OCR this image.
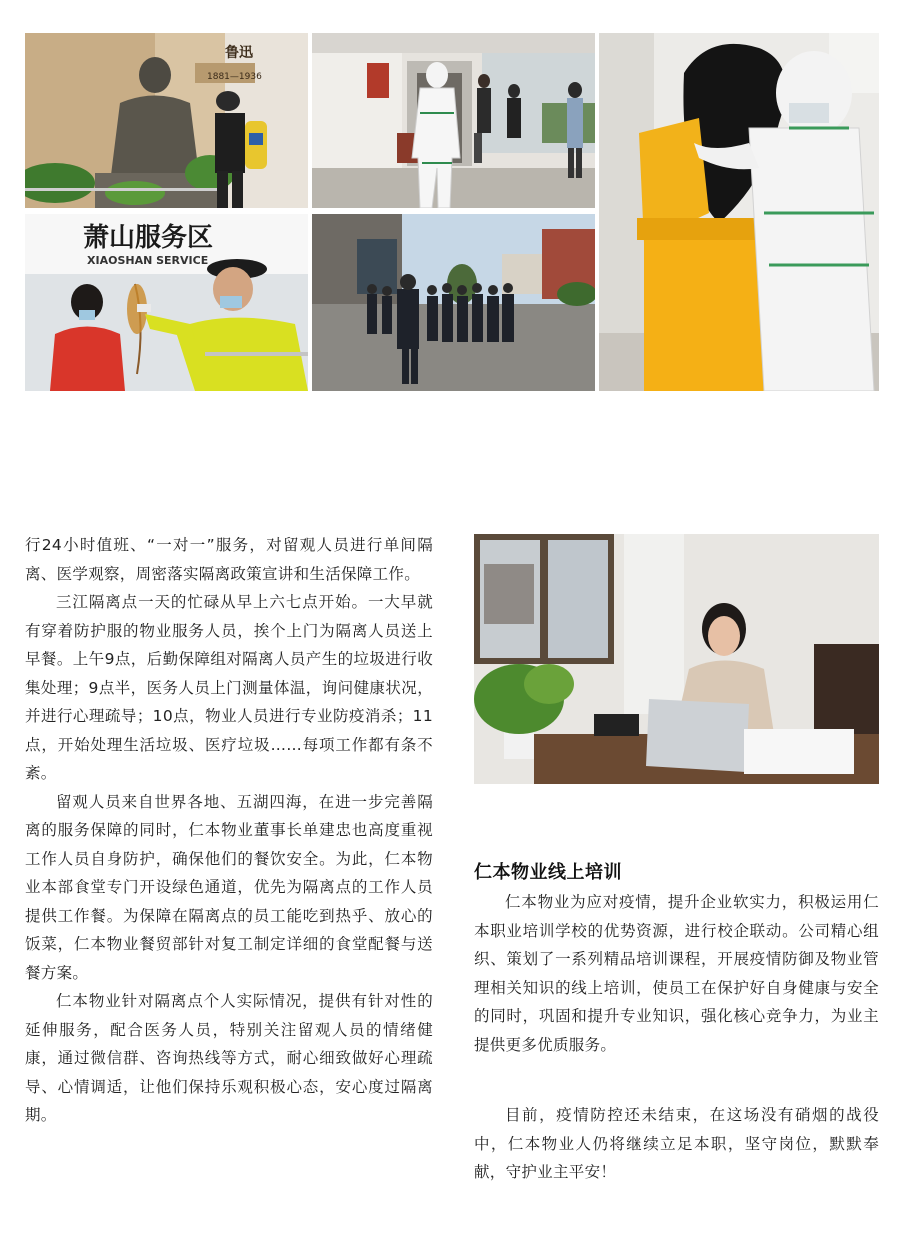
鲁迅
1881—1936
萧山服务区
XIAOSHAN SERVICE

行24小时值班、“一对一”服务，对留观人员进行单间隔离、医学观察，周密落实隔离政策宣讲和生活保障工作。

三江隔离点一天的忙碌从早上六七点开始。一大早就有穿着防护服的物业服务人员，挨个上门为隔离人员送上早餐。上午9点，后勤保障组对隔离人员产生的垃圾进行收集处理；9点半，医务人员上门测量体温，询问健康状况，并进行心理疏导；10点，物业人员进行专业防疫消杀；11点，开始处理生活垃圾、医疗垃圾……每项工作都有条不紊。

留观人员来自世界各地、五湖四海，在进一步完善隔离的服务保障的同时，仁本物业董事长单建忠也高度重视工作人员自身防护，确保他们的餐饮安全。为此，仁本物业本部食堂专门开设绿色通道，优先为隔离点的工作人员提供工作餐。为保障在隔离点的员工能吃到热乎、放心的饭菜，仁本物业餐贸部针对复工制定详细的食堂配餐与送餐方案。

仁本物业针对隔离点个人实际情况，提供有针对性的延伸服务，配合医务人员，特别关注留观人员的情绪健康，通过微信群、咨询热线等方式，耐心细致做好心理疏导、心情调适，让他们保持乐观积极心态，安心度过隔离期。

仁本物业线上培训

仁本物业为应对疫情，提升企业软实力，积极运用仁本职业培训学校的优势资源，进行校企联动。公司精心组织、策划了一系列精品培训课程，开展疫情防御及物业管理相关知识的线上培训，使员工在保护好自身健康与安全的同时，巩固和提升专业知识，强化核心竞争力，为业主提供更多优质服务。

目前，疫情防控还未结束，在这场没有硝烟的战役中，仁本物业人仍将继续立足本职，坚守岗位，默默奉献，守护业主平安！
